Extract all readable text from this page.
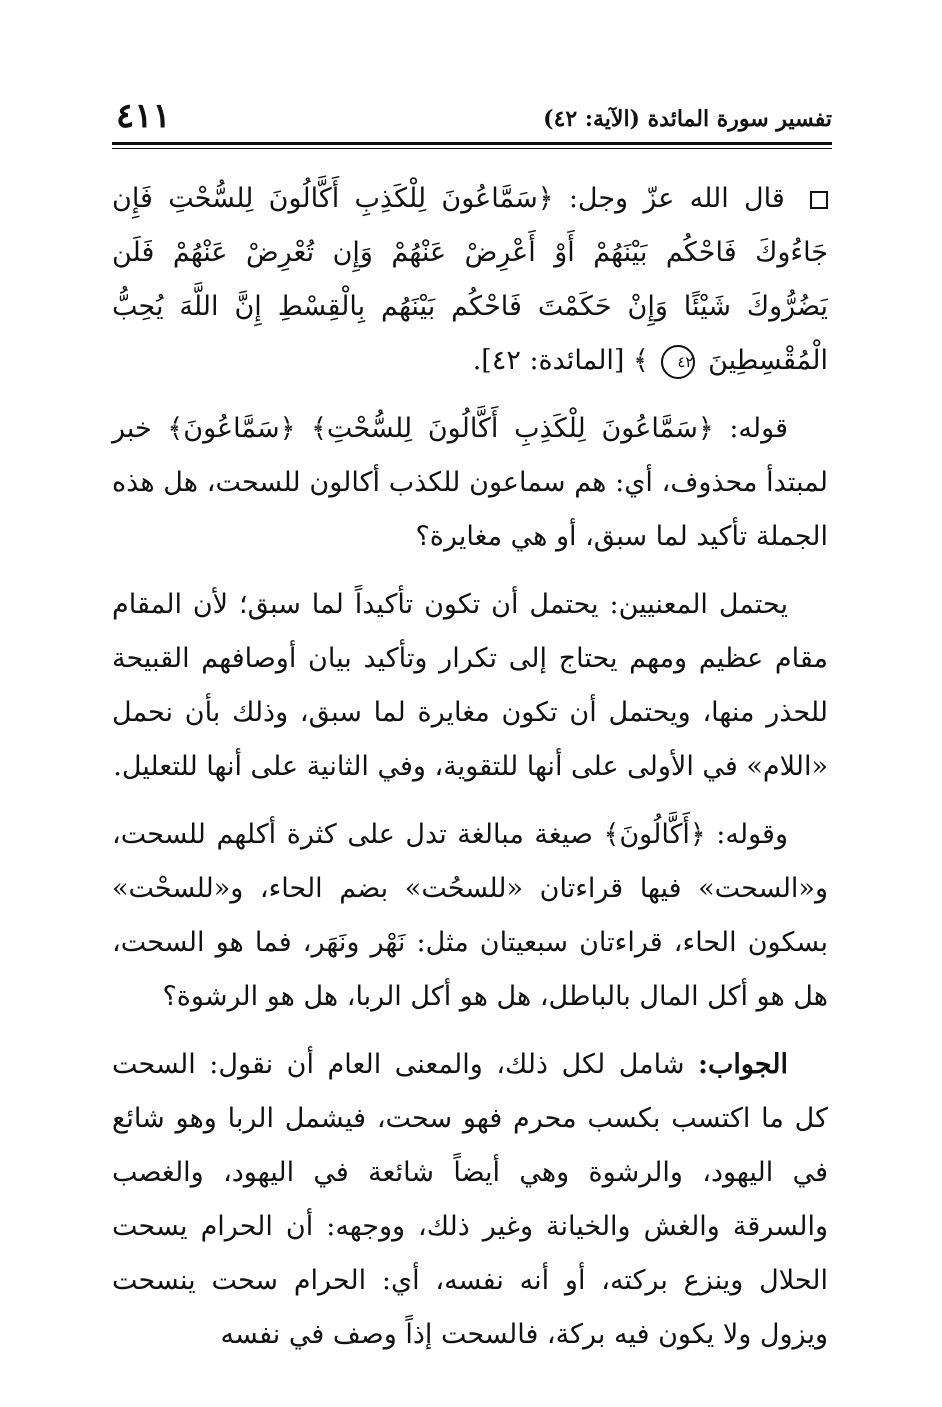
تفسير سورة المائدة (الآية: ٤٢)
٤١١

قال الله عزّ وجل: ﴿سَمَّاعُونَ لِلْكَذِبِ أَكَّالُونَ لِلسُّحْتِ فَإِن جَاءُوكَ فَاحْكُم بَيْنَهُمْ أَوْ أَعْرِضْ عَنْهُمْ وَإِن تُعْرِضْ عَنْهُمْ فَلَن يَضُرُّوكَ شَيْئًا وَإِنْ حَكَمْتَ فَاحْكُم بَيْنَهُم بِالْقِسْطِ إِنَّ اللَّهَ يُحِبُّ الْمُقْسِطِينَ ٤٢ ﴾ [المائدة: ٤٢].

قوله: ﴿سَمَّاعُونَ لِلْكَذِبِ أَكَّالُونَ لِلسُّحْتِ﴾ ﴿سَمَّاعُونَ﴾ خبر لمبتدأ محذوف، أي: هم سماعون للكذب أكالون للسحت، هل هذه الجملة تأكيد لما سبق، أو هي مغايرة؟

يحتمل المعنيين: يحتمل أن تكون تأكيداً لما سبق؛ لأن المقام مقام عظيم ومهم يحتاج إلى تكرار وتأكيد بيان أوصافهم القبيحة للحذر منها، ويحتمل أن تكون مغايرة لما سبق، وذلك بأن نحمل «اللام» في الأولى على أنها للتقوية، وفي الثانية على أنها للتعليل.

وقوله: ﴿أَكَّالُونَ﴾ صيغة مبالغة تدل على كثرة أكلهم للسحت، و«السحت» فيها قراءتان «للسحُت» بضم الحاء، و«للسحْت» بسكون الحاء، قراءتان سبعيتان مثل: نَهْر ونَهَر، فما هو السحت، هل هو أكل المال بالباطل، هل هو أكل الربا، هل هو الرشوة؟

الجواب: شامل لكل ذلك، والمعنى العام أن نقول: السحت كل ما اكتسب بكسب محرم فهو سحت، فيشمل الربا وهو شائع في اليهود، والرشوة وهي أيضاً شائعة في اليهود، والغصب والسرقة والغش والخيانة وغير ذلك، ووجهه: أن الحرام يسحت الحلال وينزع بركته، أو أنه نفسه، أي: الحرام سحت ينسحت ويزول ولا يكون فيه بركة، فالسحت إذاً وصف في نفسه
